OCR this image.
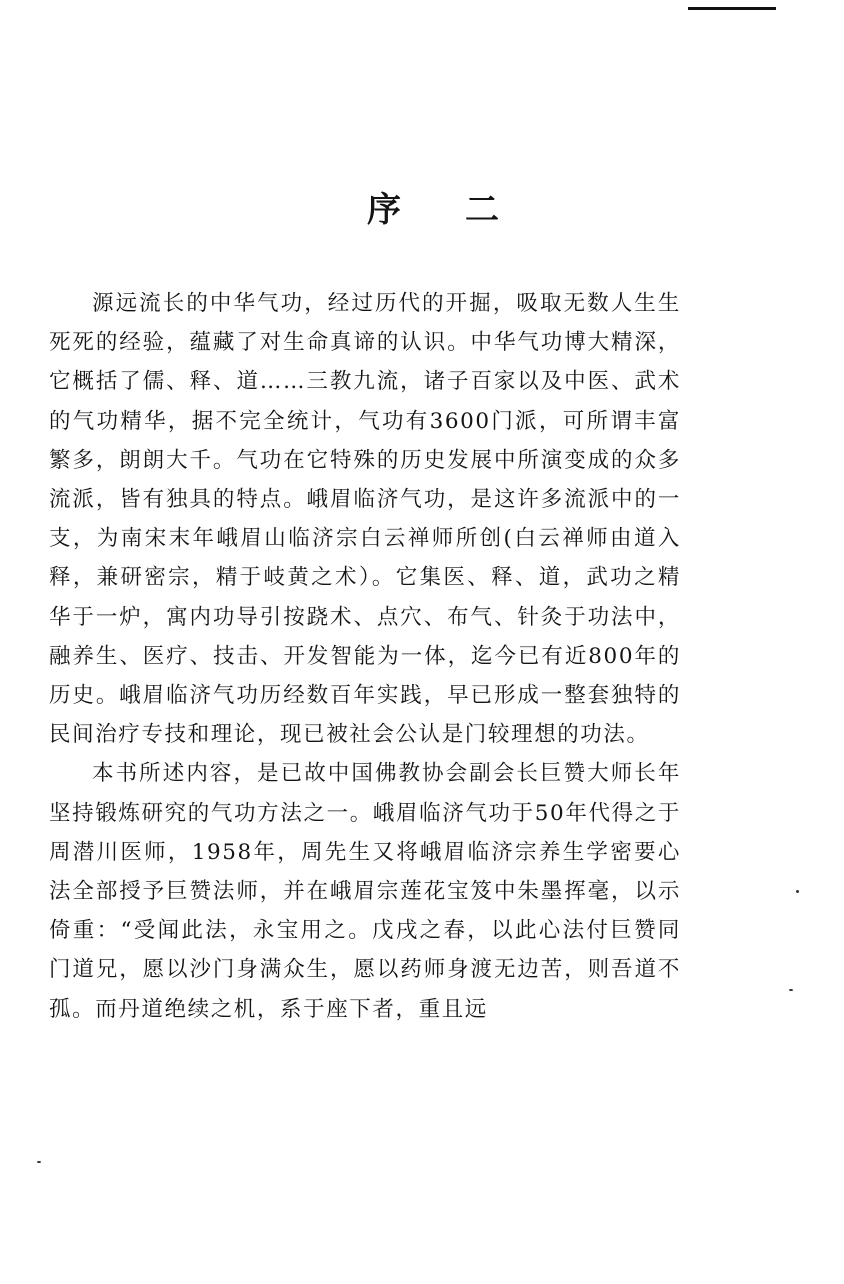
序 二

源远流长的中华气功，经过历代的开掘，吸取无数人生生死死的经验，蕴藏了对生命真谛的认识。中华气功博大精深，它概括了儒、释、道……三教九流，诸子百家以及中医、武术的气功精华，据不完全统计，气功有3600门派，可所谓丰富繁多，朗朗大千。气功在它特殊的历史发展中所演变成的众多流派，皆有独具的特点。峨眉临济气功，是这许多流派中的一支，为南宋末年峨眉山临济宗白云禅师所创(白云禅师由道入释，兼研密宗，精于岐黄之术）。它集医、释、道，武功之精华于一炉，寓内功导引按跷术、点穴、布气、针灸于功法中，融养生、医疗、技击、开发智能为一体，迄今已有近800年的历史。峨眉临济气功历经数百年实践，早已形成一整套独特的民间治疗专技和理论，现已被社会公认是门较理想的功法。

本书所述内容，是已故中国佛教协会副会长巨赞大师长年坚持锻炼研究的气功方法之一。峨眉临济气功于50年代得之于周潜川医师，1958年，周先生又将峨眉临济宗养生学密要心法全部授予巨赞法师，并在峨眉宗莲花宝笈中朱墨挥毫，以示倚重：“受闻此法，永宝用之。戊戌之春，以此心法付巨赞同门道兄，愿以沙门身满众生，愿以药师身渡无边苦，则吾道不孤。而丹道绝续之机，系于座下者，重且远
